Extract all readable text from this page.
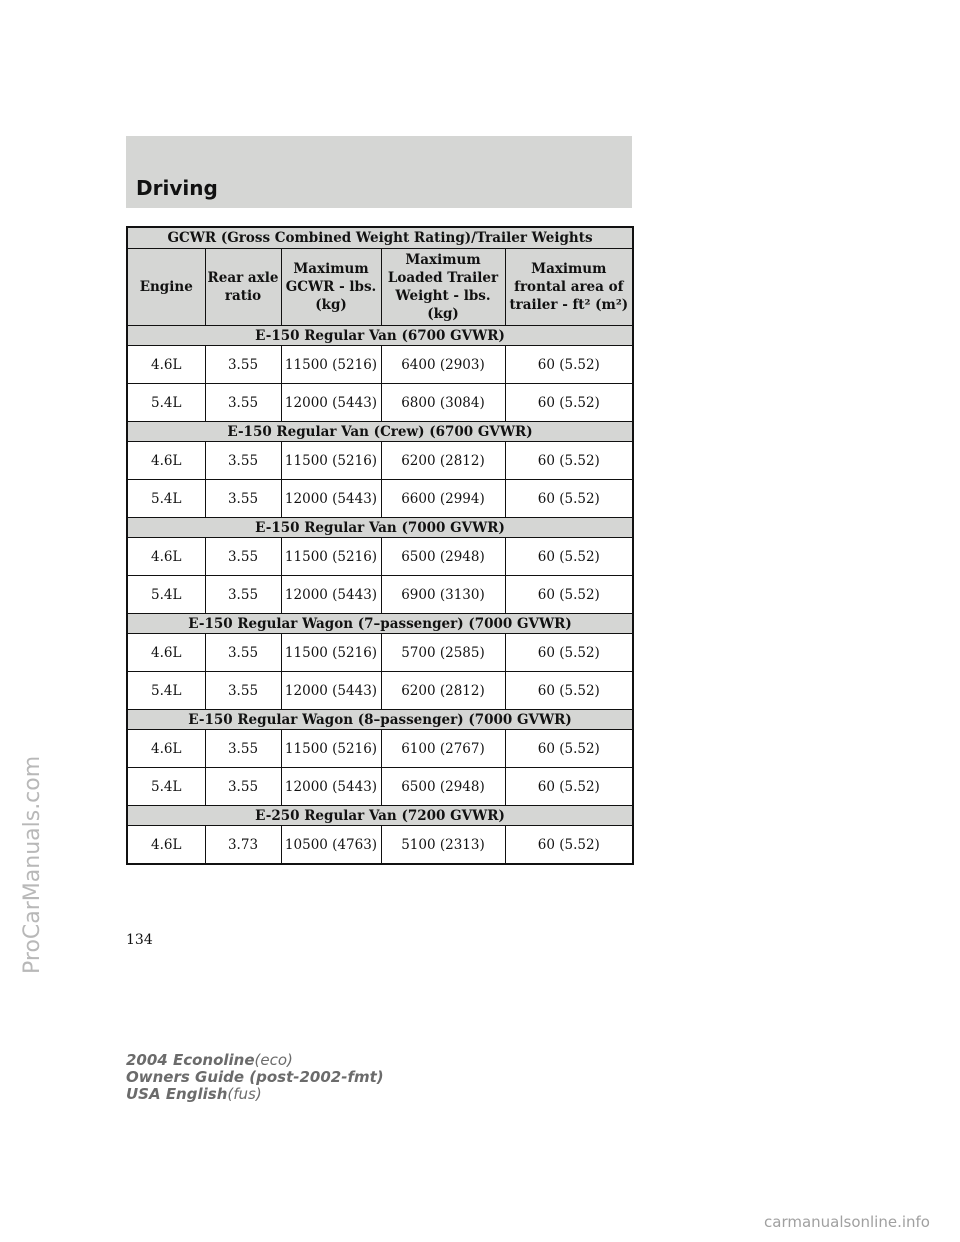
Driving
GCWR (Gross Combined Weight Rating)/Trailer Weights				
Engine	Rear axle ratio	Maximum GCWR - lbs. (kg)	Maximum Loaded Trailer Weight - lbs. (kg)	Maximum frontal area of trailer - ft² (m²)
E-150 Regular Van (6700 GVWR)				
4.6L	3.55	11500 (5216)	6400 (2903)	60 (5.52)
5.4L	3.55	12000 (5443)	6800 (3084)	60 (5.52)
E-150 Regular Van (Crew) (6700 GVWR)				
4.6L	3.55	11500 (5216)	6200 (2812)	60 (5.52)
5.4L	3.55	12000 (5443)	6600 (2994)	60 (5.52)
E-150 Regular Van (7000 GVWR)				
4.6L	3.55	11500 (5216)	6500 (2948)	60 (5.52)
5.4L	3.55	12000 (5443)	6900 (3130)	60 (5.52)
E-150 Regular Wagon (7–passenger) (7000 GVWR)				
4.6L	3.55	11500 (5216)	5700 (2585)	60 (5.52)
5.4L	3.55	12000 (5443)	6200 (2812)	60 (5.52)
E-150 Regular Wagon (8–passenger) (7000 GVWR)				
4.6L	3.55	11500 (5216)	6100 (2767)	60 (5.52)
5.4L	3.55	12000 (5443)	6500 (2948)	60 (5.52)
E-250 Regular Van (7200 GVWR)				
4.6L	3.73	10500 (4763)	5100 (2313)	60 (5.52)
134
2004 Econoline(eco)
Owners Guide (post-2002-fmt)
USA English(fus)
ProCarManuals.com
carmanualsonline.info
